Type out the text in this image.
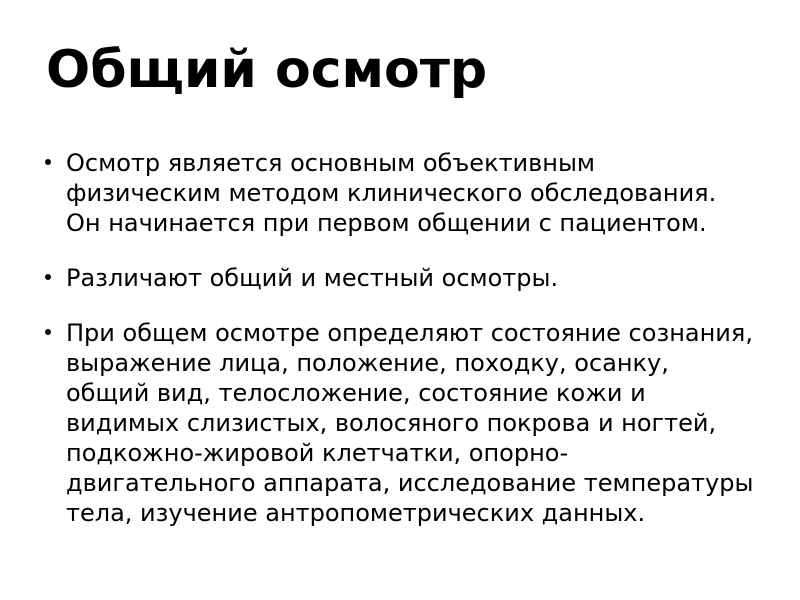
Общий осмотр
Осмотр является основным объективным физическим методом клинического обследования. Он начинается при первом общении с пациентом.
Различают общий и местный осмотры.
При общем осмотре определяют состояние сознания, выражение лица, положение, походку, осанку, общий вид, телосложение, состояние кожи и видимых слизистых, волосяного покрова и ногтей, подкожно-жировой клетчатки, опорно-двигательного аппарата, исследование температуры тела, изучение антропометрических данных.
